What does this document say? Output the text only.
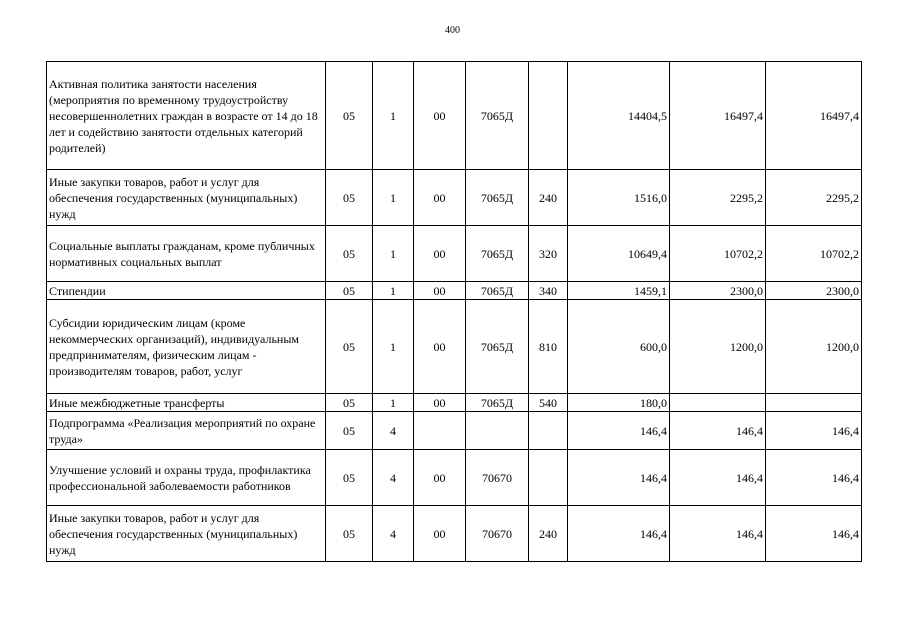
400
Активная политика занятости населения (мероприятия по временному трудоустройству несовершеннолетних граждан в возрасте от 14 до 18 лет и содействию занятости отдельных категорий родителей)	05	1	00	7065Д		14404,5	16497,4	16497,4
Иные закупки товаров, работ и услуг для обеспечения государственных (муниципальных) нужд	05	1	00	7065Д	240	1516,0	2295,2	2295,2
Социальные выплаты гражданам, кроме публичных нормативных социальных выплат	05	1	00	7065Д	320	10649,4	10702,2	10702,2
Стипендии	05	1	00	7065Д	340	1459,1	2300,0	2300,0
Субсидии юридическим лицам (кроме некоммерческих организаций), индивидуальным предпринимателям, физическим лицам - производителям товаров, работ, услуг	05	1	00	7065Д	810	600,0	1200,0	1200,0
Иные межбюджетные трансферты	05	1	00	7065Д	540	180,0		
Подпрограмма «Реализация мероприятий по охране труда»	05	4				146,4	146,4	146,4
Улучшение условий и охраны труда, профилактика профессиональной заболеваемости работников	05	4	00	70670		146,4	146,4	146,4
Иные закупки товаров, работ и услуг для обеспечения государственных (муниципальных) нужд	05	4	00	70670	240	146,4	146,4	146,4
